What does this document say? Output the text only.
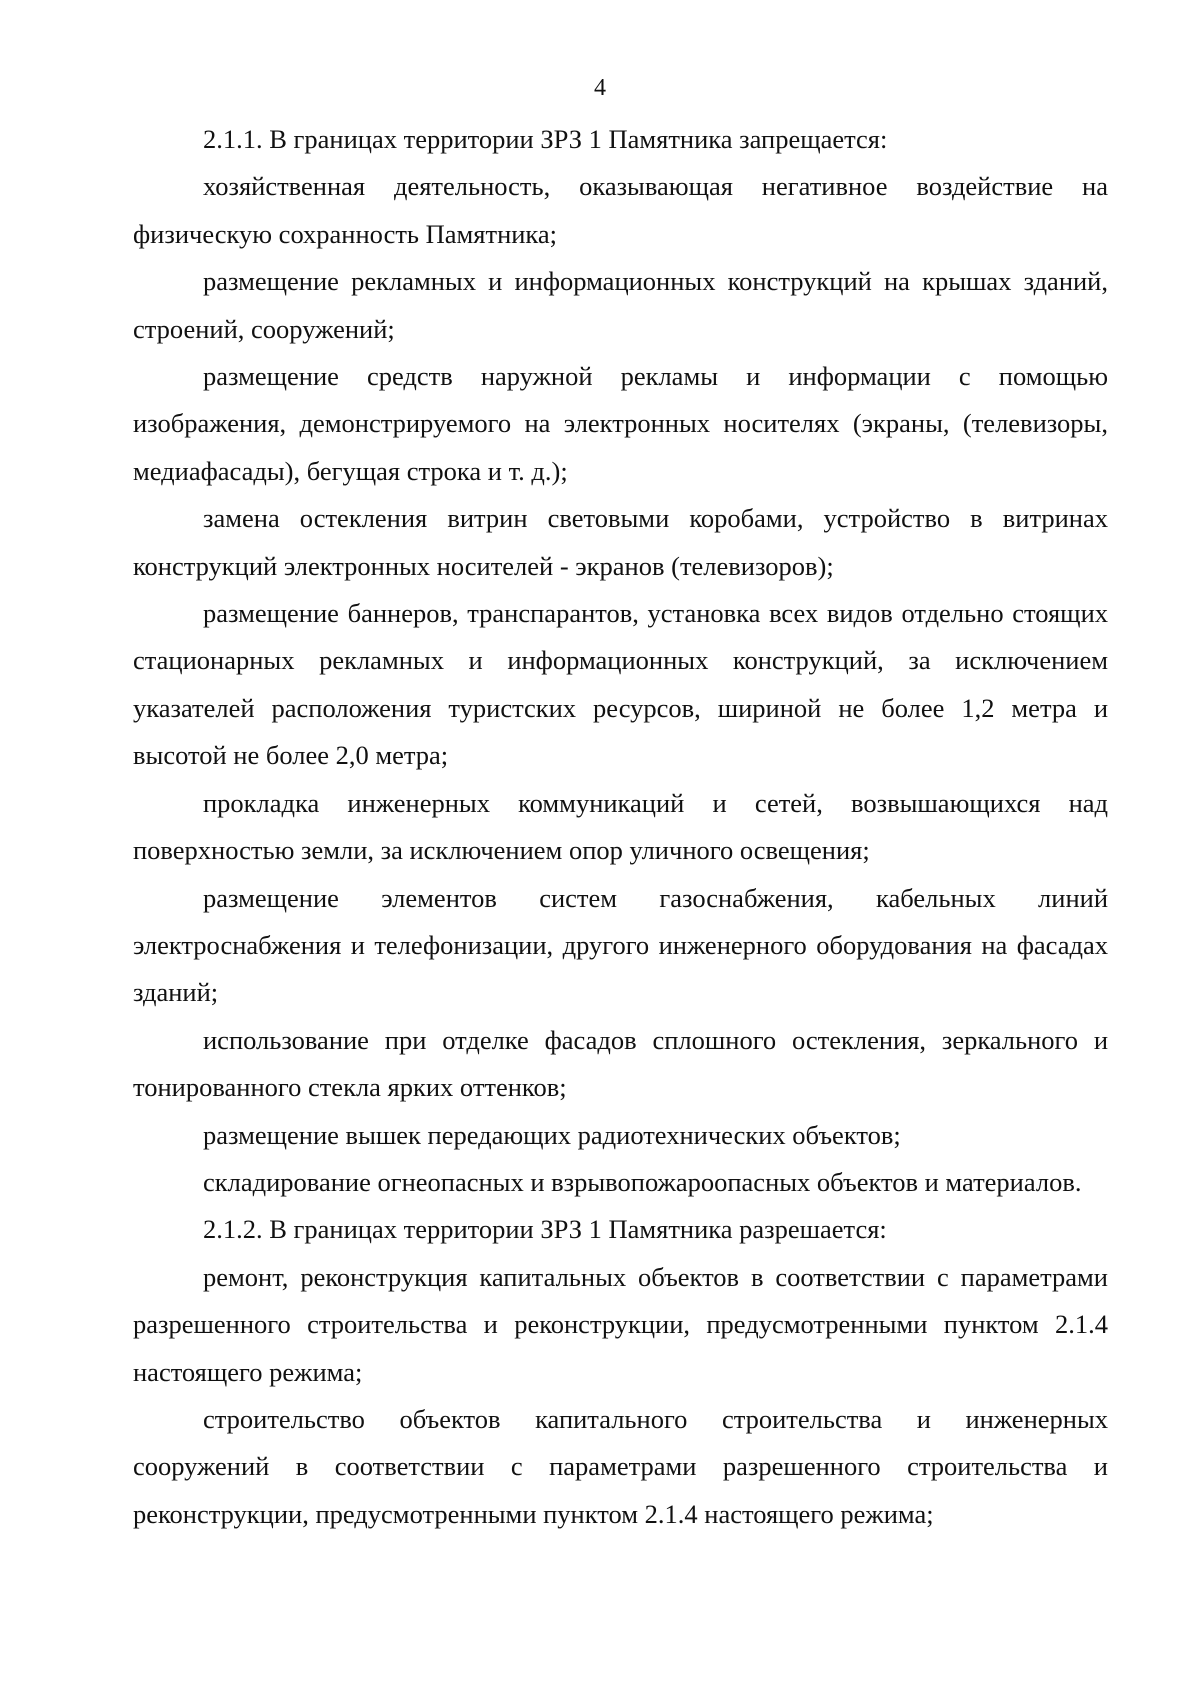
4

2.1.1. В границах территории ЗРЗ 1 Памятника запрещается:

хозяйственная деятельность, оказывающая негативное воздействие на физическую сохранность Памятника;

размещение рекламных и информационных конструкций на крышах зданий, строений, сооружений;

размещение средств наружной рекламы и информации с помощью изображения, демонстрируемого на электронных носителях (экраны, (телевизоры, медиафасады), бегущая строка и т. д.);

замена остекления витрин световыми коробами, устройство в витринах конструкций электронных носителей - экранов (телевизоров);

размещение баннеров, транспарантов, установка всех видов отдельно стоящих стационарных рекламных и информационных конструкций, за исключением указателей расположения туристских ресурсов, шириной не более 1,2 метра и высотой не более 2,0 метра;

прокладка инженерных коммуникаций и сетей, возвышающихся над поверхностью земли, за исключением опор уличного освещения;

размещение элементов систем газоснабжения, кабельных линий электроснабжения и телефонизации, другого инженерного оборудования на фасадах зданий;

использование при отделке фасадов сплошного остекления, зеркального и тонированного стекла ярких оттенков;

размещение вышек передающих радиотехнических объектов;

складирование огнеопасных и взрывопожароопасных объектов и материалов.

2.1.2. В границах территории ЗРЗ 1 Памятника разрешается:

ремонт, реконструкция капитальных объектов в соответствии с параметрами разрешенного строительства и реконструкции, предусмотренными пунктом 2.1.4 настоящего режима;

строительство объектов капитального строительства и инженерных сооружений в соответствии с параметрами разрешенного строительства и реконструкции, предусмотренными пунктом 2.1.4 настоящего режима;
